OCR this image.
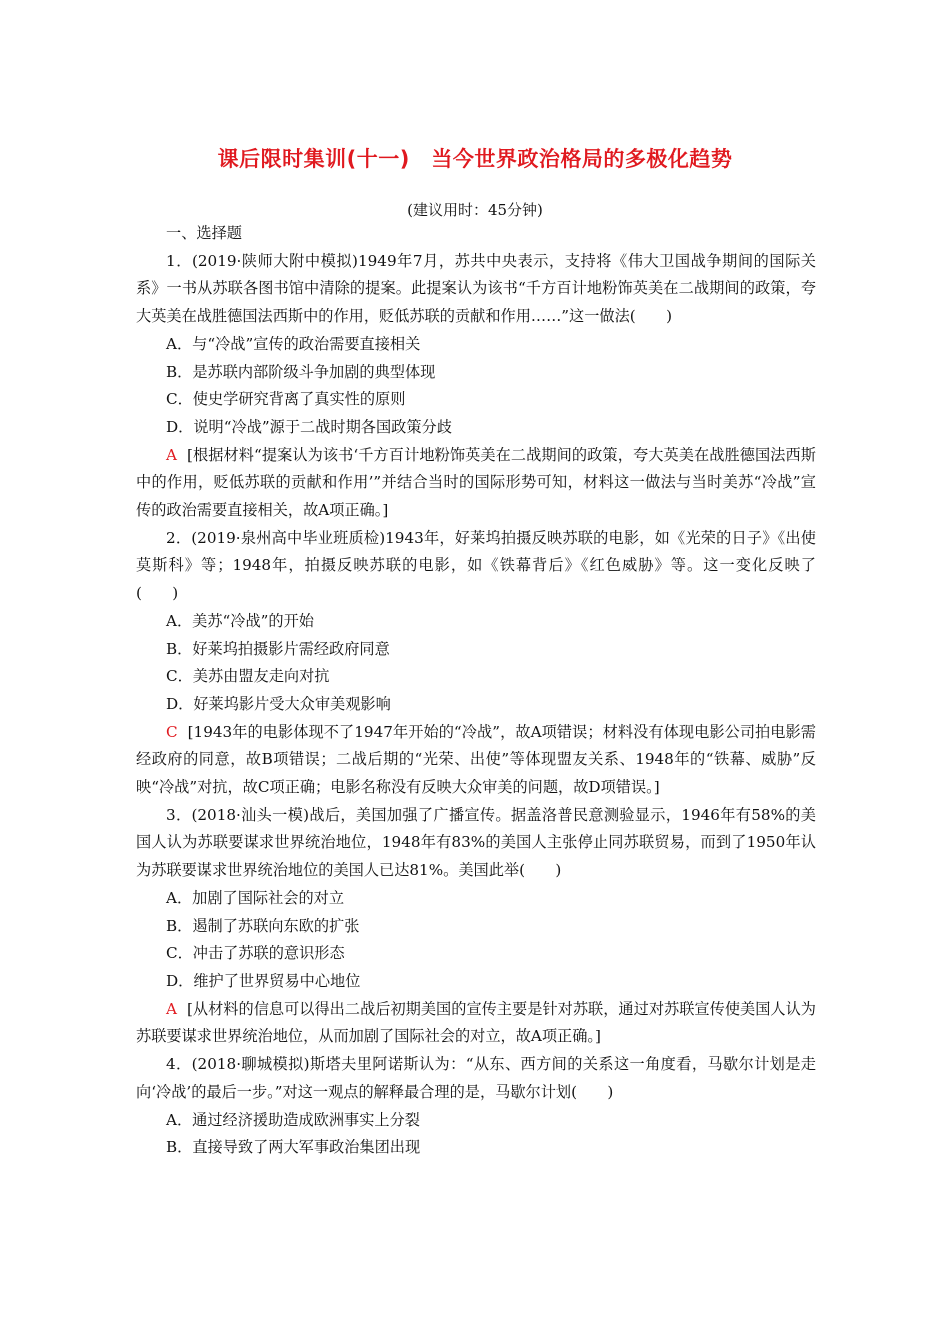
课后限时集训(十一)　当今世界政治格局的多极化趋势
(建议用时：45分钟)

一、选择题

1．(2019·陕师大附中模拟)1949年7月，苏共中央表示，支持将《伟大卫国战争期间的国际关系》一书从苏联各图书馆中清除的提案。此提案认为该书“千方百计地粉饰英美在二战期间的政策，夸大英美在战胜德国法西斯中的作用，贬低苏联的贡献和作用……”这一做法(　　)

A．与“冷战”宣传的政治需要直接相关

B．是苏联内部阶级斗争加剧的典型体现

C．使史学研究背离了真实性的原则

D．说明“冷战”源于二战时期各国政策分歧

A [根据材料“提案认为该书‘千方百计地粉饰英美在二战期间的政策，夸大英美在战胜德国法西斯中的作用，贬低苏联的贡献和作用’”并结合当时的国际形势可知，材料这一做法与当时美苏“冷战”宣传的政治需要直接相关，故A项正确。]

2．(2019·泉州高中毕业班质检)1943年，好莱坞拍摄反映苏联的电影，如《光荣的日子》《出使莫斯科》等；1948年，拍摄反映苏联的电影，如《铁幕背后》《红色威胁》等。这一变化反映了(　　)

A．美苏“冷战”的开始

B．好莱坞拍摄影片需经政府同意

C．美苏由盟友走向对抗

D．好莱坞影片受大众审美观影响

C [1943年的电影体现不了1947年开始的“冷战”，故A项错误；材料没有体现电影公司拍电影需经政府的同意，故B项错误；二战后期的“光荣、出使”等体现盟友关系、1948年的“铁幕、威胁”反映“冷战”对抗，故C项正确；电影名称没有反映大众审美的问题，故D项错误。]

3．(2018·汕头一模)战后，美国加强了广播宣传。据盖洛普民意测验显示，1946年有58%的美国人认为苏联要谋求世界统治地位，1948年有83%的美国人主张停止同苏联贸易，而到了1950年认为苏联要谋求世界统治地位的美国人已达81%。美国此举(　　)

A．加剧了国际社会的对立

B．遏制了苏联向东欧的扩张

C．冲击了苏联的意识形态

D．维护了世界贸易中心地位

A [从材料的信息可以得出二战后初期美国的宣传主要是针对苏联，通过对苏联宣传使美国人认为苏联要谋求世界统治地位，从而加剧了国际社会的对立，故A项正确。]

4．(2018·聊城模拟)斯塔夫里阿诺斯认为：“从东、西方间的关系这一角度看，马歇尔计划是走向‘冷战’的最后一步。”对这一观点的解释最合理的是，马歇尔计划(　　)

A．通过经济援助造成欧洲事实上分裂

B．直接导致了两大军事政治集团出现
